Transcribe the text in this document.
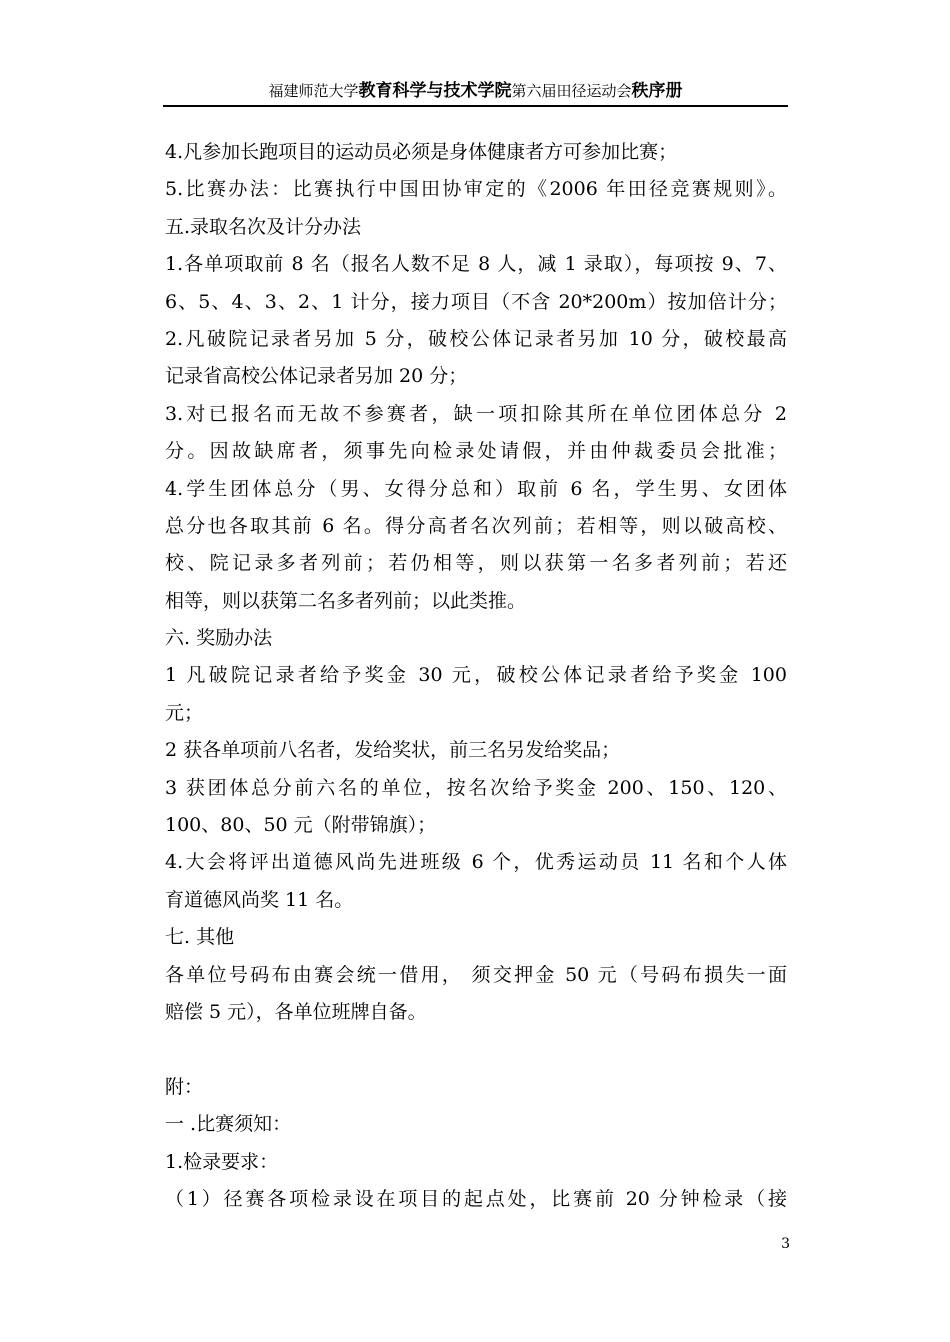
福建师范大学教育科学与技术学院第六届田径运动会秩序册
4.凡参加长跑项目的运动员必须是身体健康者方可参加比赛；
5.比赛办法：比赛执行中国田协审定的《2006 年田径竞赛规则》。
五.录取名次及计分办法
1.各单项取前 8 名（报名人数不足 8 人，减 1 录取），每项按 9、7、
6、5、4、3、2、1 计分，接力项目（不含 20*200m）按加倍计分；
2.凡破院记录者另加 5 分，破校公体记录者另加 10 分，破校最高
记录省高校公体记录者另加 20 分；
3.对已报名而无故不参赛者，缺一项扣除其所在单位团体总分 2
分。因故缺席者，须事先向检录处请假，并由仲裁委员会批准；
4.学生团体总分（男、女得分总和）取前 6 名，学生男、女团体
总分也各取其前 6 名。得分高者名次列前；若相等，则以破高校、
校、院记录多者列前；若仍相等，则以获第一名多者列前；若还
相等，则以获第二名多者列前；以此类推。
六. 奖励办法
1 凡破院记录者给予奖金 30 元，破校公体记录者给予奖金 100
元；
2 获各单项前八名者，发给奖状，前三名另发给奖品；
3 获团体总分前六名的单位，按名次给予奖金 200、150、120、
100、80、50 元（附带锦旗）；
4.大会将评出道德风尚先进班级 6 个，优秀运动员 11 名和个人体
育道德风尚奖 11 名。
七. 其他
各单位号码布由赛会统一借用， 须交押金 50 元（号码布损失一面
赔偿 5 元），各单位班牌自备。
附：
一 .比赛须知：
1.检录要求：
（1）径赛各项检录设在项目的起点处，比赛前 20 分钟检录（接
3
